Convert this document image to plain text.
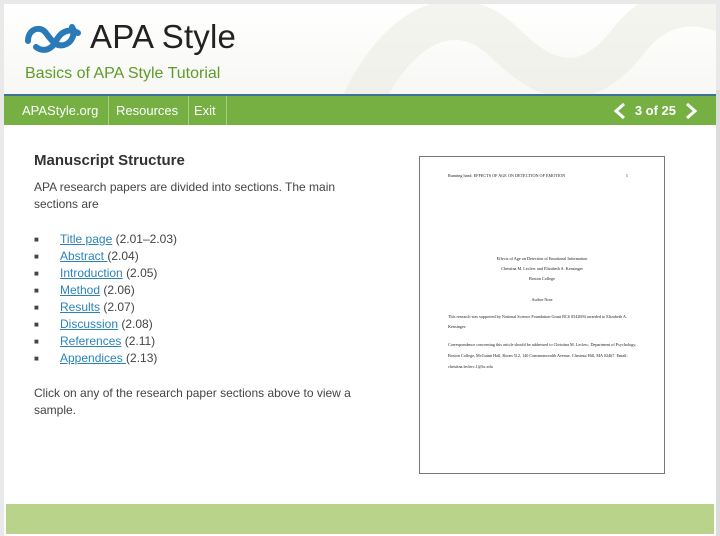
APA Style
Basics of APA Style Tutorial
APAStyle.org	Resources	Exit	3 of 25
Manuscript Structure
APA research papers are divided into sections. The main sections are
■ Title page (2.01–2.03)
■ Abstract (2.04)
■ Introduction (2.05)
■ Method (2.06)
■ Results (2.07)
■ Discussion (2.08)
■ References (2.11)
■ Appendices (2.13)
Click on any of the research paper sections above to view a sample.
Running head: EFFECTS OF AGE ON DETECTION OF EMOTION	1
Effects of Age on Detection of Emotional Information
Christina M. Leclerc and Elizabeth A. Kensinger
Boston College
Author Note
This research was supported by National Science Foundation Grant BCS 0542694 awarded to Elizabeth A. Kensinger.
Correspondence concerning this article should be addressed to Christina M. Leclerc, Department of Psychology, Boston College, McGuinn Hall, Room 512, 140 Commonwealth Avenue, Chestnut Hill, MA 02467. Email: christina.leclerc.1@bc.edu
